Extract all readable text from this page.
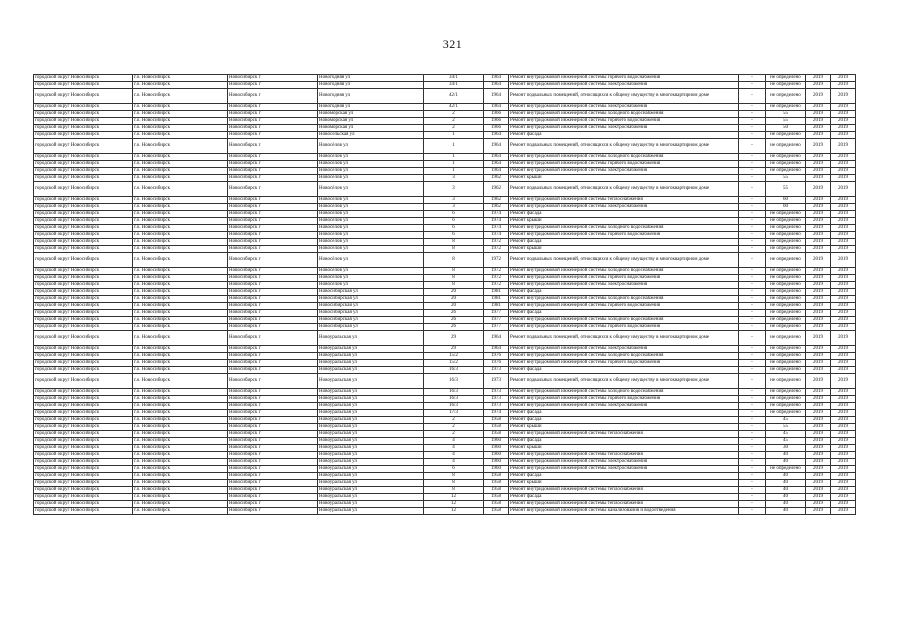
321
городской округ Новосибирск	г.о. Новосибирск	Новосибирск г	Новогодняя ул	34/1	1964	Ремонт внутридомовой инженерной системы горячего водоснабжения	-	не определено	2019	2019
городской округ Новосибирск	г.о. Новосибирск	Новосибирск г	Новогодняя ул	34/1	1964	Ремонт внутридомовой инженерной системы электроснабжения	-	не определено	2019	2019
городской округ Новосибирск	г.о. Новосибирск	Новосибирск г	Новогодняя ул	42/1	1964	Ремонт подвальных помещений, относящихся к общему имуществу в многоквартирном доме	-	не определено	2019	2019
городской округ Новосибирск	г.о. Новосибирск	Новосибирск г	Новогодняя ул	42/1	1964	Ремонт внутридомовой инженерной системы электроснабжения	-	не определено	2019	2019
городской округ Новосибирск	г.о. Новосибирск	Новосибирск г	Новоморская ул	2	1966	Ремонт внутридомовой инженерной системы холодного водоснабжения	-	55	2019	2019
городской округ Новосибирск	г.о. Новосибирск	Новосибирск г	Новоморская ул	2	1966	Ремонт внутридомовой инженерной системы горячего водоснабжения	-	55	2019	2019
городской округ Новосибирск	г.о. Новосибирск	Новосибирск г	Новоморская ул	2	1966	Ремонт внутридомовой инженерной системы электроснабжения	-	50	2019	2019
городской округ Новосибирск	г.о. Новосибирск	Новосибирск г	Новосельская ул	1	1964	Ремонт фасада	-	не определено	2019	2019
городской округ Новосибирск	г.о. Новосибирск	Новосибирск г	Новосёлов ул	1	1964	Ремонт подвальных помещений, относящихся к общему имуществу в многоквартирном доме	-	не определено	2019	2019
городской округ Новосибирск	г.о. Новосибирск	Новосибирск г	Новосёлов ул	1	1964	Ремонт внутридомовой инженерной системы холодного водоснабжения	-	не определено	2019	2019
городской округ Новосибирск	г.о. Новосибирск	Новосибирск г	Новосёлов ул	1	1964	Ремонт внутридомовой инженерной системы горячего водоснабжения	-	не определено	2019	2019
городской округ Новосибирск	г.о. Новосибирск	Новосибирск г	Новосёлов ул	1	1964	Ремонт внутридомовой инженерной системы электроснабжения	-	не определено	2019	2019
городской округ Новосибирск	г.о. Новосибирск	Новосибирск г	Новосёлов ул	3	1962	Ремонт крыши	-	55	2019	2019
городской округ Новосибирск	г.о. Новосибирск	Новосибирск г	Новосёлов ул	3	1962	Ремонт подвальных помещений, относящихся к общему имуществу в многоквартирном доме	-	55	2019	2019
городской округ Новосибирск	г.о. Новосибирск	Новосибирск г	Новосёлов ул	3	1962	Ремонт внутридомовой инженерной системы теплоснабжения	-	60	2019	2019
городской округ Новосибирск	г.о. Новосибирск	Новосибирск г	Новосёлов ул	3	1962	Ремонт внутридомовой инженерной системы электроснабжения	-	60	2019	2019
городской округ Новосибирск	г.о. Новосибирск	Новосибирск г	Новосёлов ул	6	1974	Ремонт фасада	-	не определено	2019	2019
городской округ Новосибирск	г.о. Новосибирск	Новосибирск г	Новосёлов ул	6	1974	Ремонт крыши	-	не определено	2019	2019
городской округ Новосибирск	г.о. Новосибирск	Новосибирск г	Новосёлов ул	6	1974	Ремонт внутридомовой инженерной системы холодного водоснабжения	-	не определено	2019	2019
городской округ Новосибирск	г.о. Новосибирск	Новосибирск г	Новосёлов ул	6	1974	Ремонт внутридомовой инженерной системы горячего водоснабжения	-	не определено	2019	2019
городской округ Новосибирск	г.о. Новосибирск	Новосибирск г	Новосёлов ул	8	1972	Ремонт фасада	-	не определено	2019	2019
городской округ Новосибирск	г.о. Новосибирск	Новосибирск г	Новосёлов ул	8	1972	Ремонт крыши	-	не определено	2019	2019
городской округ Новосибирск	г.о. Новосибирск	Новосибирск г	Новосёлов ул	8	1972	Ремонт подвальных помещений, относящихся к общему имуществу в многоквартирном доме	-	не определено	2019	2019
городской округ Новосибирск	г.о. Новосибирск	Новосибирск г	Новосёлов ул	8	1972	Ремонт внутридомовой инженерной системы холодного водоснабжения	-	не определено	2019	2019
городской округ Новосибирск	г.о. Новосибирск	Новосибирск г	Новосёлов ул	8	1972	Ремонт внутридомовой инженерной системы горячего водоснабжения	-	не определено	2019	2019
городской округ Новосибирск	г.о. Новосибирск	Новосибирск г	Новосёлов ул	8	1972	Ремонт внутридомовой инженерной системы электроснабжения	-	не определено	2019	2019
городской округ Новосибирск	г.о. Новосибирск	Новосибирск г	Новосибирская ул	20	1981	Ремонт фасада	-	не определено	2019	2019
городской округ Новосибирск	г.о. Новосибирск	Новосибирск г	Новосибирская ул	20	1981	Ремонт внутридомовой инженерной системы холодного водоснабжения	-	не определено	2019	2019
городской округ Новосибирск	г.о. Новосибирск	Новосибирск г	Новосибирская ул	20	1981	Ремонт внутридомовой инженерной системы горячего водоснабжения	-	не определено	2019	2019
городской округ Новосибирск	г.о. Новосибирск	Новосибирск г	Новосибирская ул	26	1977	Ремонт фасада	-	не определено	2019	2019
городской округ Новосибирск	г.о. Новосибирск	Новосибирск г	Новосибирская ул	26	1977	Ремонт внутридомовой инженерной системы холодного водоснабжения	-	не определено	2019	2019
городской округ Новосибирск	г.о. Новосибирск	Новосибирск г	Новосибирская ул	26	1977	Ремонт внутридомовой инженерной системы горячего водоснабжения	-	не определено	2019	2019
городской округ Новосибирск	г.о. Новосибирск	Новосибирск г	Новоуральская ул	29	1964	Ремонт подвальных помещений, относящихся к общему имуществу в многоквартирном доме	-	не определено	2019	2019
городской округ Новосибирск	г.о. Новосибирск	Новосибирск г	Новоуральская ул	29	1964	Ремонт внутридомовой инженерной системы электроснабжения	-	не определено	2019	2019
городской округ Новосибирск	г.о. Новосибирск	Новосибирск г	Новоуральская ул	15/2	1976	Ремонт внутридомовой инженерной системы холодного водоснабжения	-	не определено	2019	2019
городской округ Новосибирск	г.о. Новосибирск	Новосибирск г	Новоуральская ул	15/2	1976	Ремонт внутридомовой инженерной системы горячего водоснабжения	-	не определено	2019	2019
городской округ Новосибирск	г.о. Новосибирск	Новосибирск г	Новоуральская ул	16/3	1973	Ремонт фасада	-	не определено	2019	2019
городской округ Новосибирск	г.о. Новосибирск	Новосибирск г	Новоуральская ул	16/3	1973	Ремонт подвальных помещений, относящихся к общему имуществу в многоквартирном доме	-	не определено	2019	2019
городской округ Новосибирск	г.о. Новосибирск	Новосибирск г	Новоуральская ул	16/3	1973	Ремонт внутридомовой инженерной системы холодного водоснабжения	-	не определено	2019	2019
городской округ Новосибирск	г.о. Новосибирск	Новосибирск г	Новоуральская ул	16/3	1973	Ремонт внутридомовой инженерной системы горячего водоснабжения	-	не определено	2019	2019
городской округ Новосибирск	г.о. Новосибирск	Новосибирск г	Новоуральская ул	16/3	1973	Ремонт внутридомовой инженерной системы электроснабжения	-	не определено	2019	2019
городской округ Новосибирск	г.о. Новосибирск	Новосибирск г	Новоуральская ул	17/3	1974	Ремонт фасада	-	не определено	2019	2019
городской округ Новосибирск	г.о. Новосибирск	Новосибирск г	Новоуральская ул	2	1958	Ремонт фасада	-	45	2019	2019
городской округ Новосибирск	г.о. Новосибирск	Новосибирск г	Новоуральская ул	2	1958	Ремонт крыши	-	55	2019	2019
городской округ Новосибирск	г.о. Новосибирск	Новосибирск г	Новоуральская ул	2	1958	Ремонт внутридомовой инженерной системы теплоснабжения	-	45	2019	2019
городской округ Новосибирск	г.о. Новосибирск	Новосибирск г	Новоуральская ул	4	1960	Ремонт фасада	-	45	2019	2019
городской округ Новосибирск	г.о. Новосибирск	Новосибирск г	Новоуральская ул	4	1960	Ремонт крыши	-	30	2019	2019
городской округ Новосибирск	г.о. Новосибирск	Новосибирск г	Новоуральская ул	4	1960	Ремонт внутридомовой инженерной системы теплоснабжения	-	40	2019	2019
городской округ Новосибирск	г.о. Новосибирск	Новосибирск г	Новоуральская ул	4	1960	Ремонт внутридомовой инженерной системы электроснабжения	-	40	2019	2019
городской округ Новосибирск	г.о. Новосибирск	Новосибирск г	Новоуральская ул	6	1960	Ремонт внутридомовой инженерной системы электроснабжения	-	не определено	2019	2019
городской округ Новосибирск	г.о. Новосибирск	Новосибирск г	Новоуральская ул	8	1958	Ремонт фасада	-	40	2019	2019
городской округ Новосибирск	г.о. Новосибирск	Новосибирск г	Новоуральская ул	8	1958	Ремонт крыши	-	40	2019	2019
городской округ Новосибирск	г.о. Новосибирск	Новосибирск г	Новоуральская ул	8	1958	Ремонт внутридомовой инженерной системы теплоснабжения	-	40	2019	2019
городской округ Новосибирск	г.о. Новосибирск	Новосибирск г	Новоуральская ул	12	1958	Ремонт фасада	-	40	2019	2019
городской округ Новосибирск	г.о. Новосибирск	Новосибирск г	Новоуральская ул	12	1958	Ремонт внутридомовой инженерной системы теплоснабжения	-	40	2019	2019
городской округ Новосибирск	г.о. Новосибирск	Новосибирск г	Новоуральская ул	12	1958	Ремонт внутридомовой инженерной системы канализования и водоотведения	-	40	2019	2019
